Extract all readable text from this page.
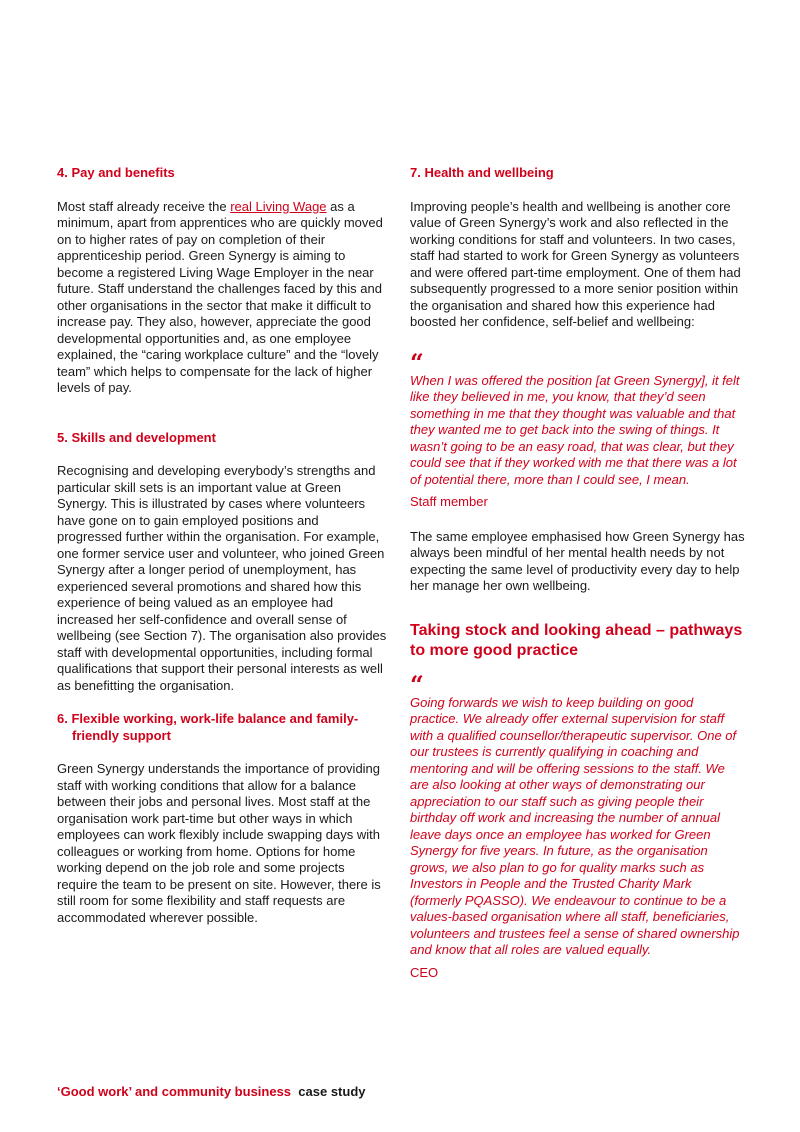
4. Pay and benefits

Most staff already receive the real Living Wage as a minimum, apart from apprentices who are quickly moved on to higher rates of pay on completion of their apprenticeship period. Green Synergy is aiming to become a registered Living Wage Employer in the near future. Staff understand the challenges faced by this and other organisations in the sector that make it difficult to increase pay. They also, however, appreciate the good developmental opportunities and, as one employee explained, the “caring workplace culture” and the “lovely team” which helps to compensate for the lack of higher levels of pay.

5. Skills and development

Recognising and developing everybody’s strengths and particular skill sets is an important value at Green Synergy. This is illustrated by cases where volunteers have gone on to gain employed positions and progressed further within the organisation. For example, one former service user and volunteer, who joined Green Synergy after a longer period of unemployment, has experienced several promotions and shared how this experience of being valued as an employee had increased her self-confidence and overall sense of wellbeing (see Section 7). The organisation also provides staff with developmental opportunities, including formal qualifications that support their personal interests as well as benefitting the organisation.

6. Flexible working, work-life balance and family-friendly support

Green Synergy understands the importance of providing staff with working conditions that allow for a balance between their jobs and personal lives. Most staff at the organisation work part-time but other ways in which employees can work flexibly include swapping days with colleagues or working from home. Options for home working depend on the job role and some projects require the team to be present on site. However, there is still room for some flexibility and staff requests are accommodated wherever possible.

7. Health and wellbeing

Improving people’s health and wellbeing is another core value of Green Synergy’s work and also reflected in the working conditions for staff and volunteers. In two cases, staff had started to work for Green Synergy as volunteers and were offered part-time employment. One of them had subsequently progressed to a more senior position within the organisation and shared how this experience had boosted her confidence, self-belief and wellbeing:

“

When I was offered the position [at Green Synergy], it felt like they believed in me, you know, that they’d seen something in me that they thought was valuable and that they wanted me to get back into the swing of things. It wasn’t going to be an easy road, that was clear, but they could see that if they worked with me that there was a lot of potential there, more than I could see, I mean.

Staff member

The same employee emphasised how Green Synergy has always been mindful of her mental health needs by not expecting the same level of productivity every day to help her manage her own wellbeing.

Taking stock and looking ahead – pathways to more good practice
“

Going forwards we wish to keep building on good practice. We already offer external supervision for staff with a qualified counsellor/therapeutic supervisor. One of our trustees is currently qualifying in coaching and mentoring and will be offering sessions to the staff. We are also looking at other ways of demonstrating our appreciation to our staff such as giving people their birthday off work and increasing the number of annual leave days once an employee has worked for Green Synergy for five years. In future, as the organisation grows, we also plan to go for quality marks such as Investors in People and the Trusted Charity Mark (formerly PQASSO). We endeavour to continue to be a values-based organisation where all staff, beneficiaries, volunteers and trustees feel a sense of shared ownership and know that all roles are valued equally.

CEO

‘Good work’ and community business case study
